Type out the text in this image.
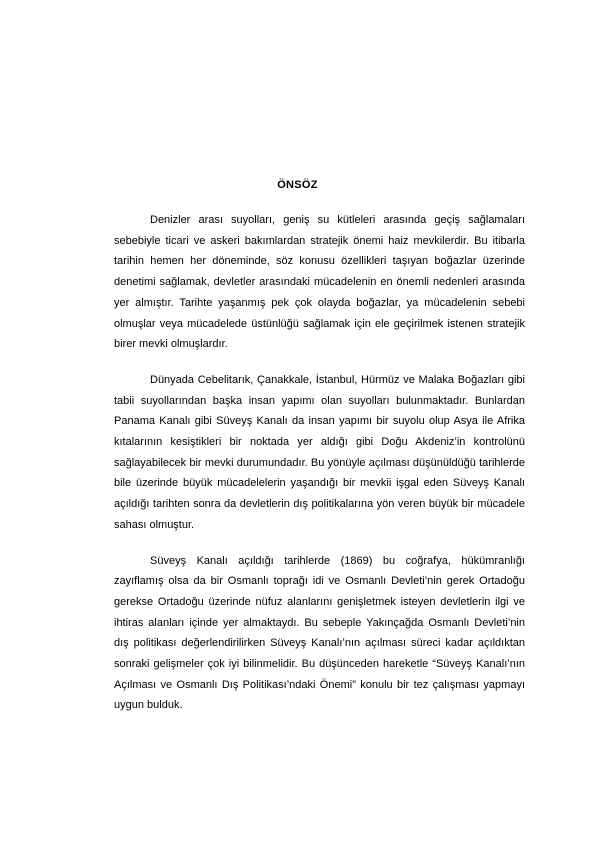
ÖNSÖZ

Denizler arası suyolları, geniş su kütleleri arasında geçiş sağlamaları sebebiyle ticari ve askeri bakımlardan stratejik önemi haiz mevkilerdir. Bu itibarla tarihin hemen her döneminde, söz konusu özellikleri taşıyan boğazlar üzerinde denetimi sağlamak, devletler arasındaki mücadelenin en önemli nedenleri arasında yer almıştır. Tarihte yaşanmış pek çok olayda boğazlar, ya mücadelenin sebebi olmuşlar veya mücadelede üstünlüğü sağlamak için ele geçirilmek istenen stratejik birer mevki olmuşlardır.

Dünyada Cebelitarık, Çanakkale, İstanbul, Hürmüz ve Malaka Boğazları gibi tabii suyollarından başka insan yapımı olan suyolları bulunmaktadır. Bunlardan Panama Kanalı gibi Süveyş Kanalı da insan yapımı bir suyolu olup Asya ile Afrika kıtalarının kesiştikleri bir noktada yer aldığı gibi Doğu Akdeniz’in kontrolünü sağlayabilecek bir mevki durumundadır. Bu yönüyle açılması düşünüldüğü tarihlerde bile üzerinde büyük mücadelelerin yaşandığı bir mevkii işgal eden Süveyş Kanalı açıldığı tarihten sonra da devletlerin dış politikalarına yön veren büyük bir mücadele sahası olmuştur.

Süveyş Kanalı açıldığı tarihlerde (1869) bu coğrafya, hükümranlığı zayıflamış olsa da bir Osmanlı toprağı idi ve Osmanlı Devleti’nin gerek Ortadoğu gerekse Ortadoğu üzerinde nüfuz alanlarını genişletmek isteyen devletlerin ilgi ve ihtiras alanları içinde yer almaktaydı. Bu sebeple Yakınçağda Osmanlı Devleti’nin dış politikası değerlendirilirken Süveyş Kanalı’nın açılması süreci kadar açıldıktan sonraki gelişmeler çok iyi bilinmelidir. Bu düşünceden hareketle “Süveyş Kanalı’nın Açılması ve Osmanlı Dış Politikası’ndaki Önemi” konulu bir tez çalışması yapmayı uygun bulduk.
